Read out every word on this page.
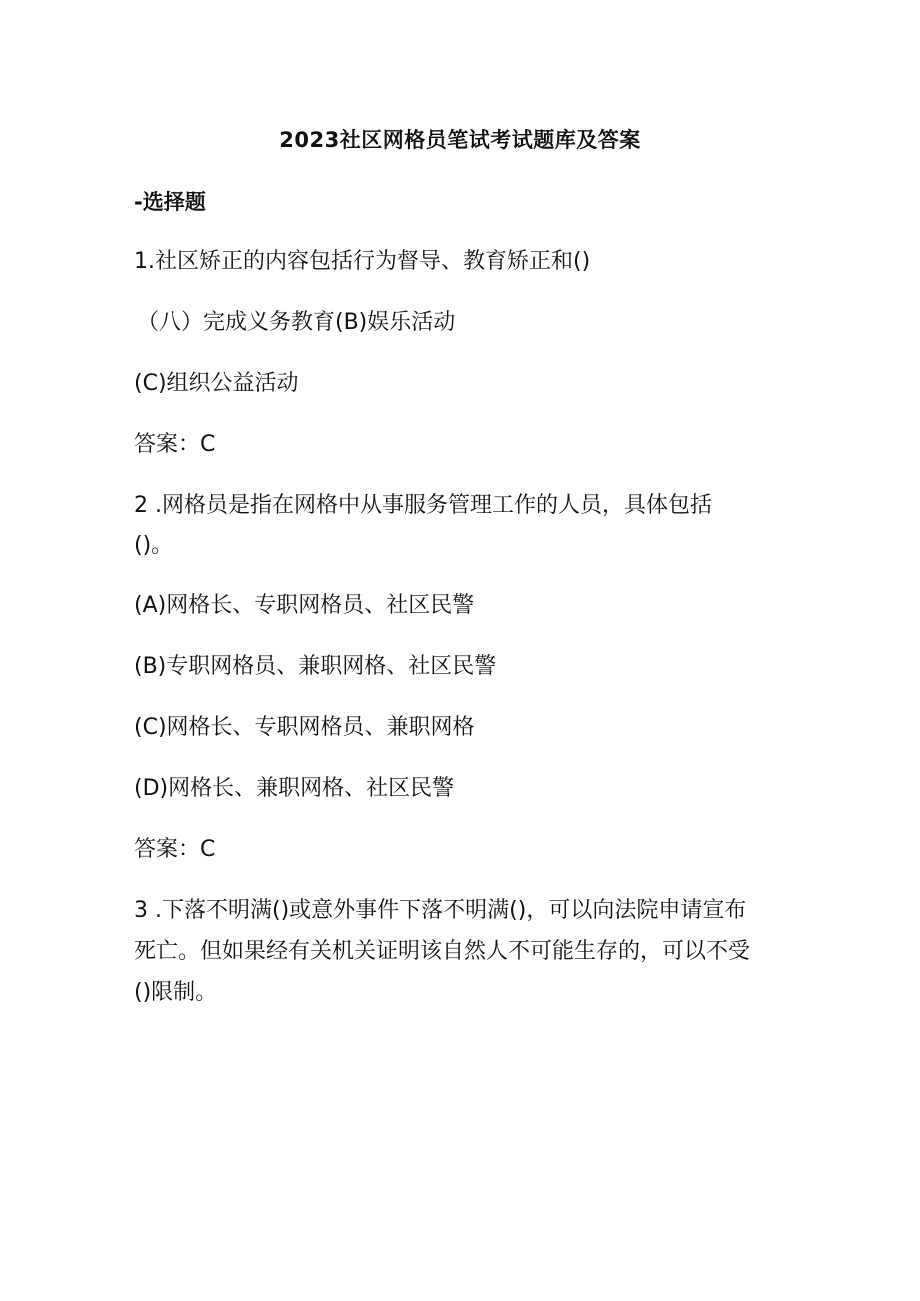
2023社区网格员笔试考试题库及答案
-选择题

1.社区矫正的内容包括行为督导、教育矫正和()

（八）完成义务教育(B)娱乐活动

(C)组织公益活动

答案：C

2 .网格员是指在网格中从事服务管理工作的人员，具体包括

()。

(A)网格长、专职网格员、社区民警

(B)专职网格员、兼职网格、社区民警

(C)网格长、专职网格员、兼职网格

(D)网格长、兼职网格、社区民警

答案：C

3 .下落不明满()或意外事件下落不明满()，可以向法院申请宣布

死亡。但如果经有关机关证明该自然人不可能生存的，可以不受

()限制。
